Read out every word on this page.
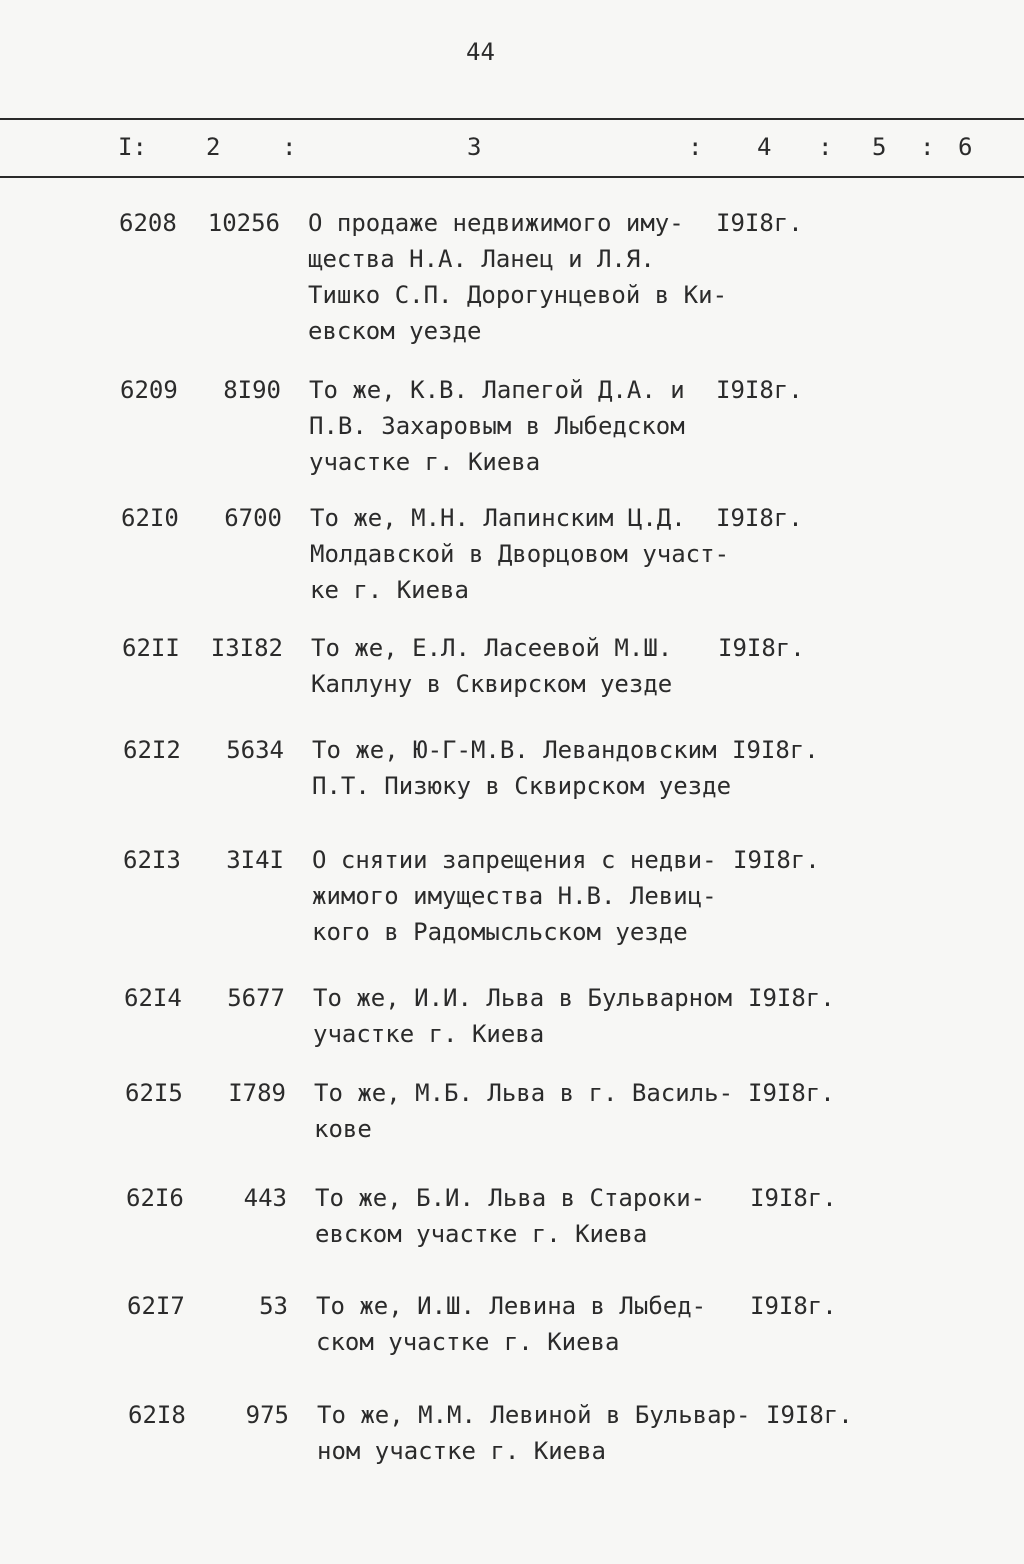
44
I: 2	:	3	: 4 : 5 : 6
6208	10256 О продаже недвижимого иму-
щества Н.А. Ланец и Л.Я.
Тишко С.П. Дорогунцевой в Ки-
евском уезде
I9I8г.
6209	8I90 То же, К.В. Лапегой Д.А. и
П.В. Захаровым в Лыбедском
участке г. Киева
I9I8г.
62I0	6700 То же, М.Н. Лапинским Ц.Д.
Молдавской в Дворцовом участ-
ке г. Киева
I9I8г.
62II	I3I82 То же, Е.Л. Ласеевой М.Ш.
Каплуну в Сквирском уезде
I9I8г.
62I2	5634 То же, Ю-Г-М.В. Левандовским
П.Т. Пизюку в Сквирском уезде
I9I8г.
62I3	3I4I О снятии запрещения с недви-
жимого имущества Н.В. Левиц-
кого в Радомысльском уезде
I9I8г.
62I4	5677 То же, И.И. Льва в Бульварном
участке г. Киева
I9I8г.
62I5	I789 То же, М.Б. Льва в г. Василь-
кове
I9I8г.
62I6	443 То же, Б.И. Льва в Староки-
евском участке г. Киева
I9I8г.
62I7	53 То же, И.Ш. Левина в Лыбед-
ском участке г. Киева
I9I8г.
62I8	975 То же, М.М. Левиной в Бульвар-
ном участке г. Киева
I9I8г.
